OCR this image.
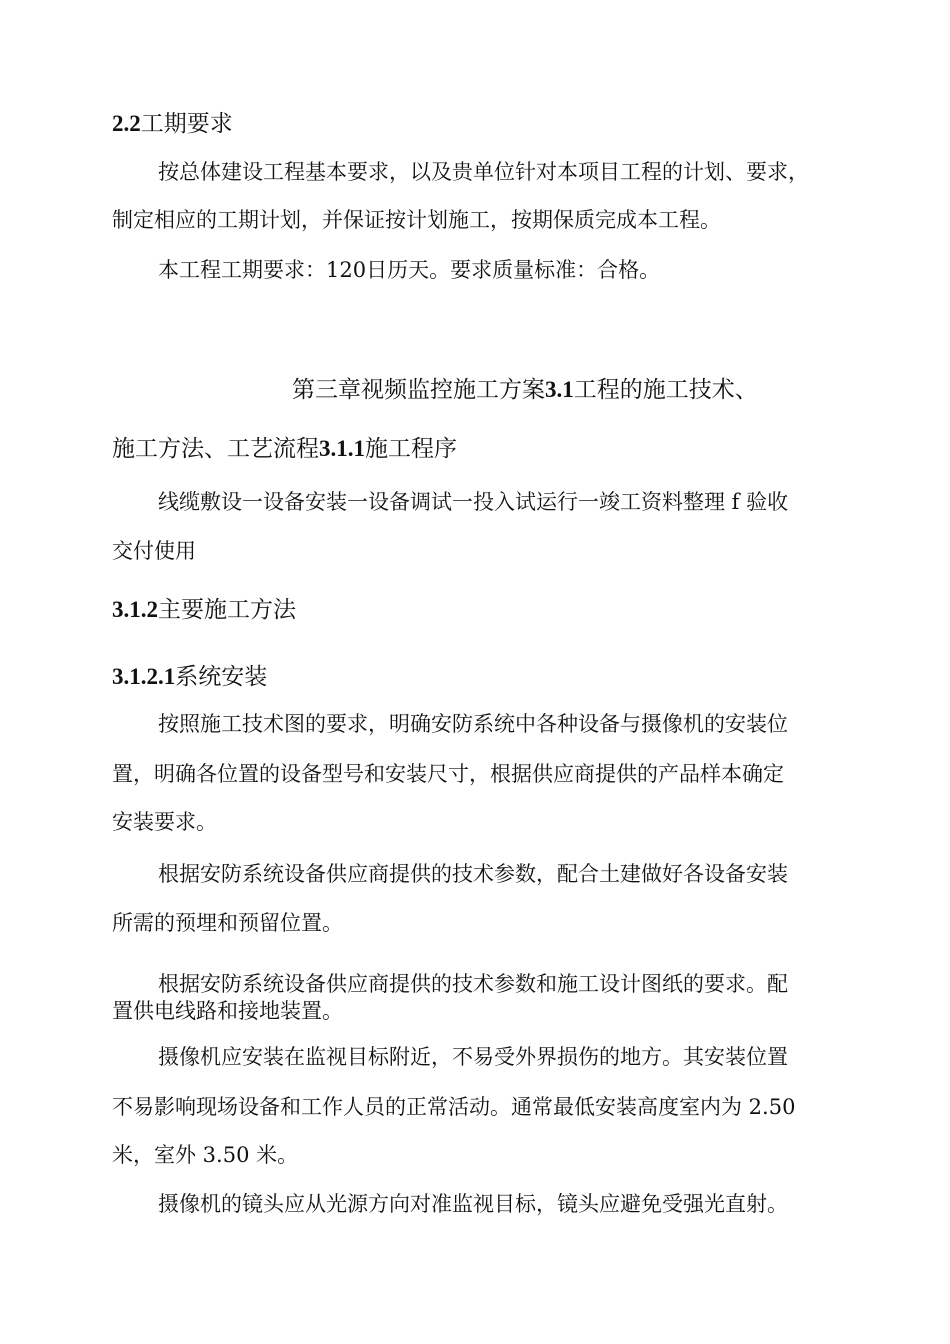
2.2工期要求
按总体建设工程基本要求，以及贵单位针对本项目工程的计划、要求，
制定相应的工期计划，并保证按计划施工，按期保质完成本工程。
本工程工期要求：120日历天。要求质量标准：合格。
第三章视频监控施工方案3.1工程的施工技术、
施工方法、工艺流程3.1.1施工程序
线缆敷设一设备安装一设备调试一投入试运行一竣工资料整理 f 验收
交付使用
3.1.2主要施工方法
3.1.2.1系统安装
按照施工技术图的要求，明确安防系统中各种设备与摄像机的安装位
置，明确各位置的设备型号和安装尺寸，根据供应商提供的产品样本确定
安装要求。
根据安防系统设备供应商提供的技术参数，配合土建做好各设备安装
所需的预埋和预留位置。
根据安防系统设备供应商提供的技术参数和施工设计图纸的要求。配
置供电线路和接地装置。
摄像机应安装在监视目标附近，不易受外界损伤的地方。其安装位置
不易影响现场设备和工作人员的正常活动。通常最低安装高度室内为 2.50
米，室外 3.50 米。
摄像机的镜头应从光源方向对准监视目标，镜头应避免受强光直射。
